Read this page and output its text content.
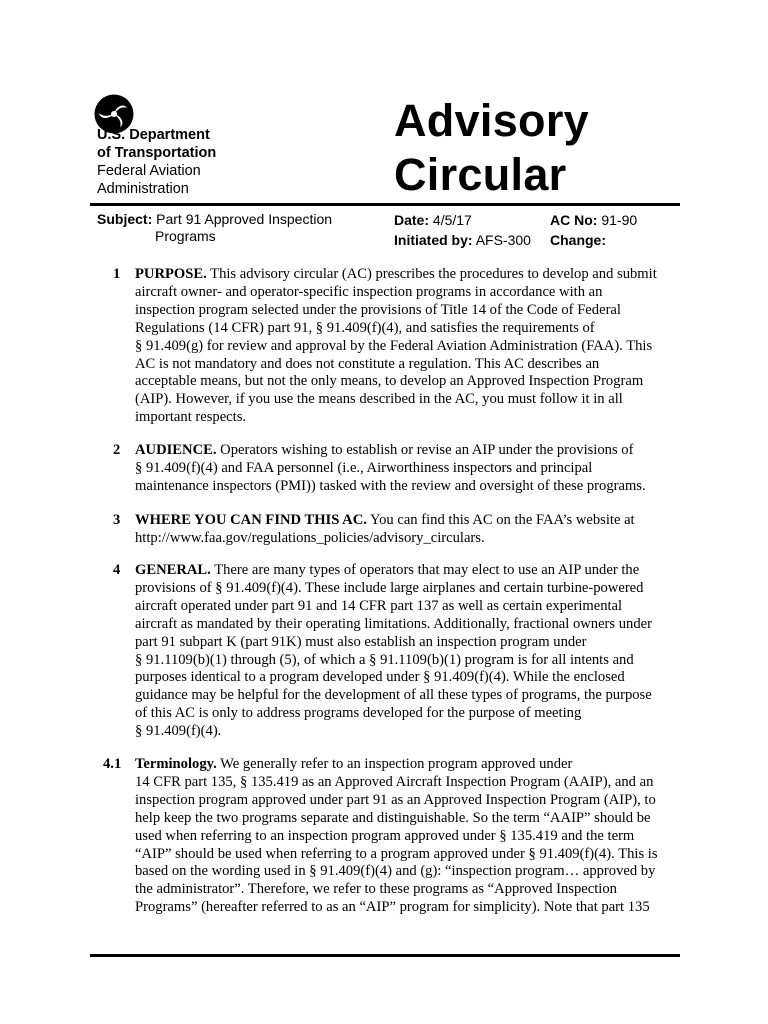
U.S. Department
of Transportation
Federal Aviation
Administration
Advisory
Circular
Subject: Part 91 Approved Inspection
Programs
Date: 4/5/17	AC No: 91-90
Initiated by: AFS-300 Change:
1 PURPOSE. This advisory circular (AC) prescribes the procedures to develop and submit

aircraft owner- and operator-specific inspection programs in accordance with an

inspection program selected under the provisions of Title 14 of the Code of Federal

Regulations (14 CFR) part 91, § 91.409(f)(4), and satisfies the requirements of

§ 91.409(g) for review and approval by the Federal Aviation Administration (FAA). This

AC is not mandatory and does not constitute a regulation. This AC describes an

acceptable means, but not the only means, to develop an Approved Inspection Program

(AIP). However, if you use the means described in the AC, you must follow it in all

important respects.

2 AUDIENCE. Operators wishing to establish or revise an AIP under the provisions of

§ 91.409(f)(4) and FAA personnel (i.e., Airworthiness inspectors and principal

maintenance inspectors (PMI)) tasked with the review and oversight of these programs.

3 WHERE YOU CAN FIND THIS AC. You can find this AC on the FAA’s website at

http://www.faa.gov/regulations_policies/advisory_circulars.

4 GENERAL. There are many types of operators that may elect to use an AIP under the

provisions of § 91.409(f)(4). These include large airplanes and certain turbine-powered

aircraft operated under part 91 and 14 CFR part 137 as well as certain experimental

aircraft as mandated by their operating limitations. Additionally, fractional owners under

part 91 subpart K (part 91K) must also establish an inspection program under

§ 91.1109(b)(1) through (5), of which a § 91.1109(b)(1) program is for all intents and

purposes identical to a program developed under § 91.409(f)(4). While the enclosed

guidance may be helpful for the development of all these types of programs, the purpose

of this AC is only to address programs developed for the purpose of meeting

§ 91.409(f)(4).

4.1 Terminology. We generally refer to an inspection program approved under

14 CFR part 135, § 135.419 as an Approved Aircraft Inspection Program (AAIP), and an

inspection program approved under part 91 as an Approved Inspection Program (AIP), to

help keep the two programs separate and distinguishable. So the term “AAIP” should be

used when referring to an inspection program approved under § 135.419 and the term

“AIP” should be used when referring to a program approved under § 91.409(f)(4). This is

based on the wording used in § 91.409(f)(4) and (g): “inspection program… approved by

the administrator”. Therefore, we refer to these programs as “Approved Inspection

Programs” (hereafter referred to as an “AIP” program for simplicity). Note that part 135
